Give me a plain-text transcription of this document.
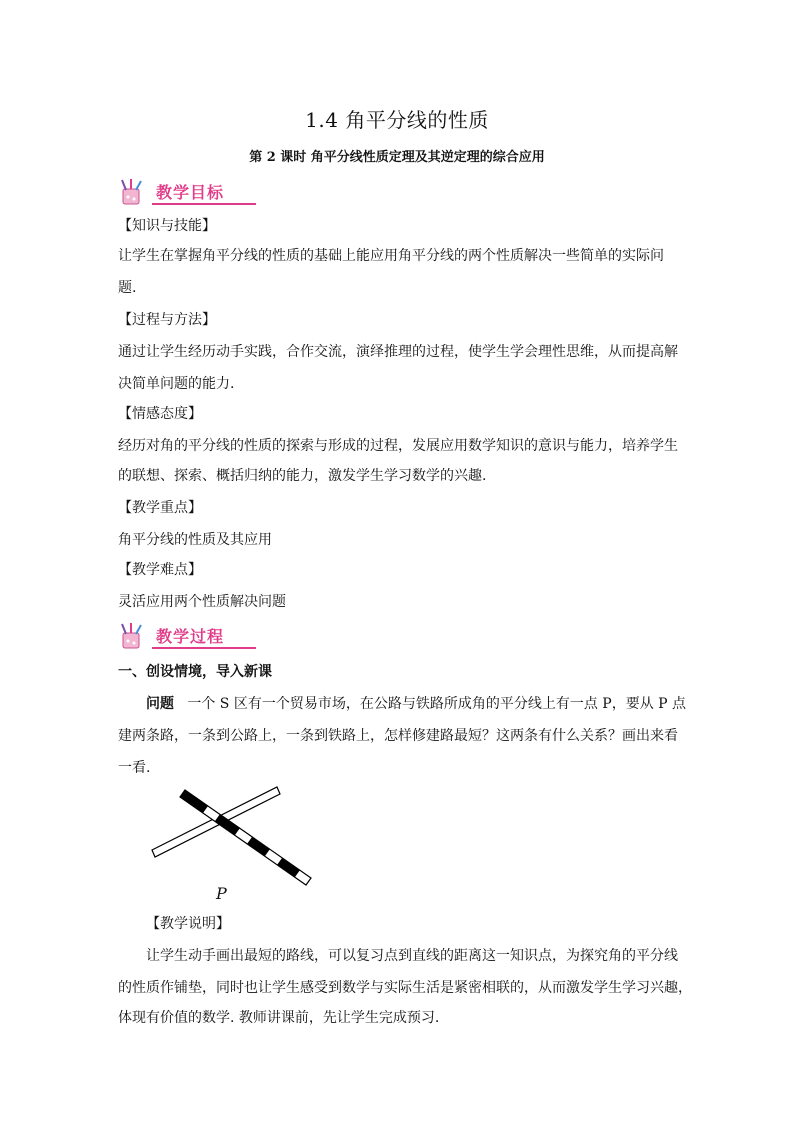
1.4 角平分线的性质
第 2 课时 角平分线性质定理及其逆定理的综合应用
教学目标
【知识与技能】
让学生在掌握角平分线的性质的基础上能应用角平分线的两个性质解决一些简单的实际问
题.
【过程与方法】
通过让学生经历动手实践，合作交流，演绎推理的过程，使学生学会理性思维，从而提高解
决简单问题的能力.
【情感态度】
经历对角的平分线的性质的探索与形成的过程，发展应用数学知识的意识与能力，培养学生
的联想、探索、概括归纳的能力，激发学生学习数学的兴趣.
【教学重点】
角平分线的性质及其应用
【教学难点】
灵活应用两个性质解决问题
教学过程
一、创设情境，导入新课
问题 一个 S 区有一个贸易市场，在公路与铁路所成角的平分线上有一点 P，要从 P 点
建两条路，一条到公路上，一条到铁路上，怎样修建路最短？这两条有什么关系？画出来看
一看.
P
【教学说明】
让学生动手画出最短的路线，可以复习点到直线的距离这一知识点，为探究角的平分线
的性质作铺垫，同时也让学生感受到数学与实际生活是紧密相联的，从而激发学生学习兴趣，
体现有价值的数学. 教师讲课前，先让学生完成预习.
